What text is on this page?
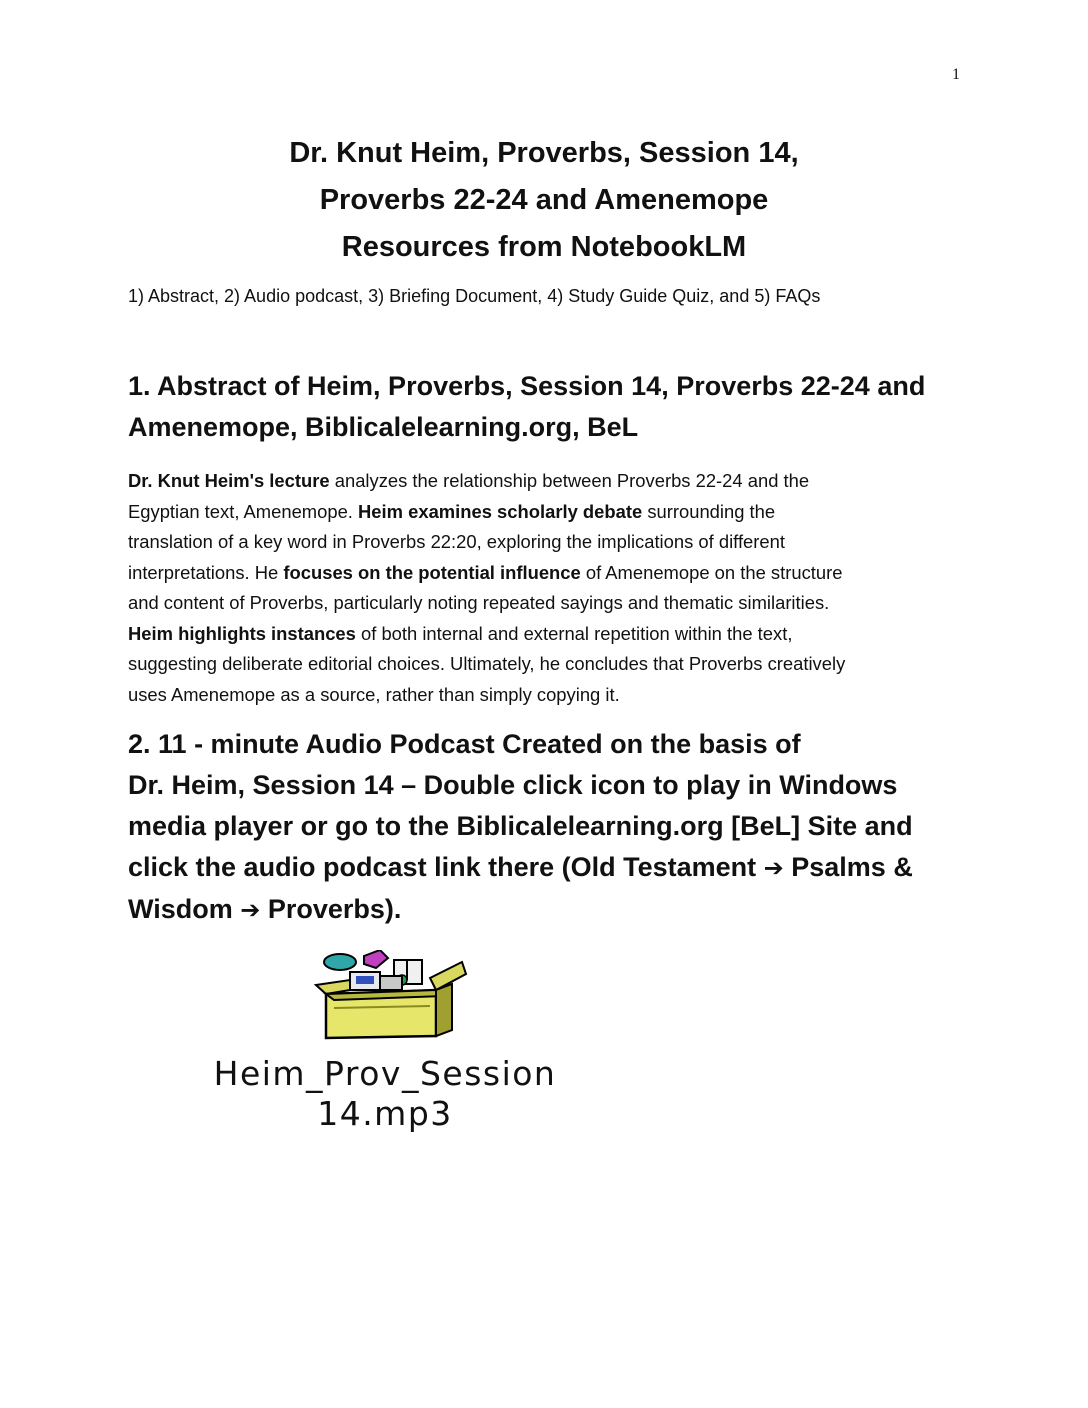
1
Dr. Knut Heim, Proverbs, Session 14,
Proverbs 22-24 and Amenemope
Resources from NotebookLM
1) Abstract, 2) Audio podcast, 3) Briefing Document, 4) Study Guide Quiz, and 5) FAQs
1. Abstract of Heim, Proverbs, Session 14, Proverbs 22-24 and
Amenemope, Biblicalelearning.org, BeL
Dr. Knut Heim's lecture analyzes the relationship between Proverbs 22-24 and the
Egyptian text, Amenemope. Heim examines scholarly debate surrounding the
translation of a key word in Proverbs 22:20, exploring the implications of different
interpretations. He focuses on the potential influence of Amenemope on the structure
and content of Proverbs, particularly noting repeated sayings and thematic similarities.
Heim highlights instances of both internal and external repetition within the text,
suggesting deliberate editorial choices. Ultimately, he concludes that Proverbs creatively
uses Amenemope as a source, rather than simply copying it.
2. 11 - minute Audio Podcast Created on the basis of
Dr. Heim, Session 14 – Double click icon to play in Windows
media player or go to the Biblicalelearning.org [BeL] Site and
click the audio podcast link there (Old Testament ➔ Psalms &
Wisdom ➔ Proverbs).
Heim_Prov_Session
14.mp3
